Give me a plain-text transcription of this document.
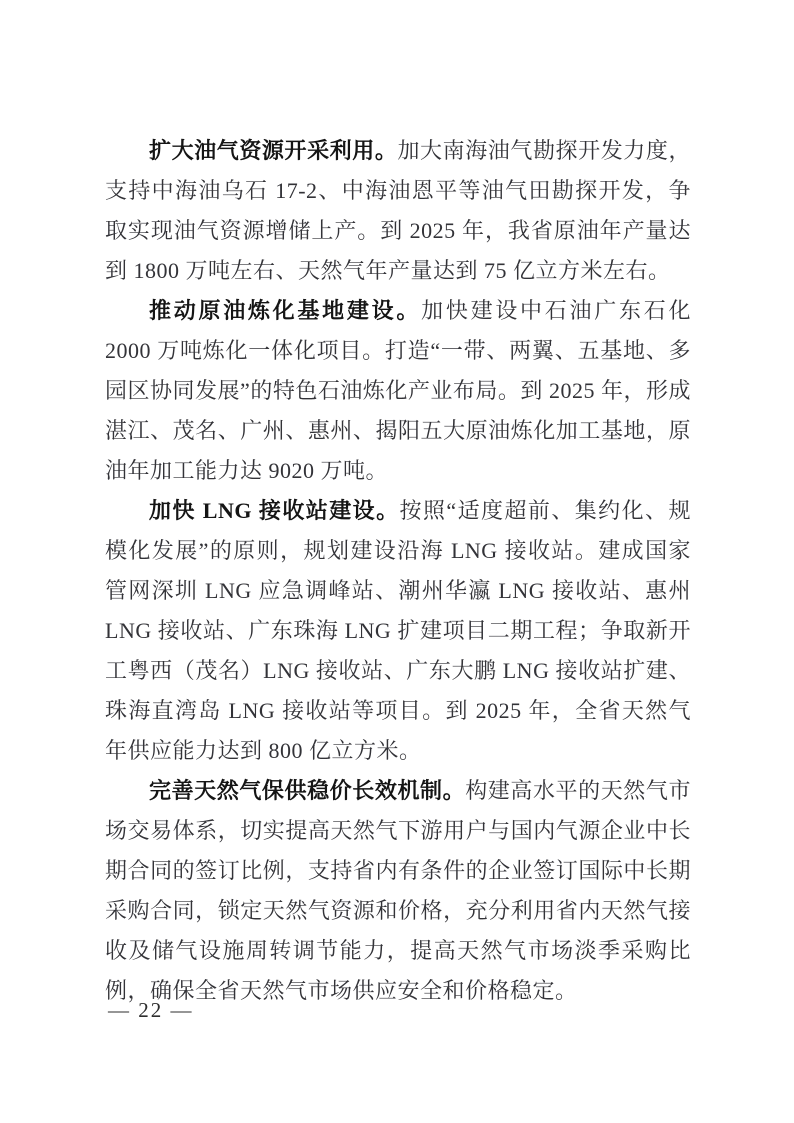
扩大油气资源开采利用。加大南海油气勘探开发力度，支持中海油乌石 17-2、中海油恩平等油气田勘探开发，争取实现油气资源增储上产。到 2025 年，我省原油年产量达到 1800 万吨左右、天然气年产量达到 75 亿立方米左右。

推动原油炼化基地建设。加快建设中石油广东石化 2000 万吨炼化一体化项目。打造“一带、两翼、五基地、多园区协同发展”的特色石油炼化产业布局。到 2025 年，形成湛江、茂名、广州、惠州、揭阳五大原油炼化加工基地，原油年加工能力达 9020 万吨。

加快 LNG 接收站建设。按照“适度超前、集约化、规模化发展”的原则，规划建设沿海 LNG 接收站。建成国家管网深圳 LNG 应急调峰站、潮州华瀛 LNG 接收站、惠州 LNG 接收站、广东珠海 LNG 扩建项目二期工程；争取新开工粤西（茂名）LNG 接收站、广东大鹏 LNG 接收站扩建、珠海直湾岛 LNG 接收站等项目。到 2025 年，全省天然气年供应能力达到 800 亿立方米。

完善天然气保供稳价长效机制。构建高水平的天然气市场交易体系，切实提高天然气下游用户与国内气源企业中长期合同的签订比例，支持省内有条件的企业签订国际中长期采购合同，锁定天然气资源和价格，充分利用省内天然气接收及储气设施周转调节能力，提高天然气市场淡季采购比例，确保全省天然气市场供应安全和价格稳定。

— 22 —
